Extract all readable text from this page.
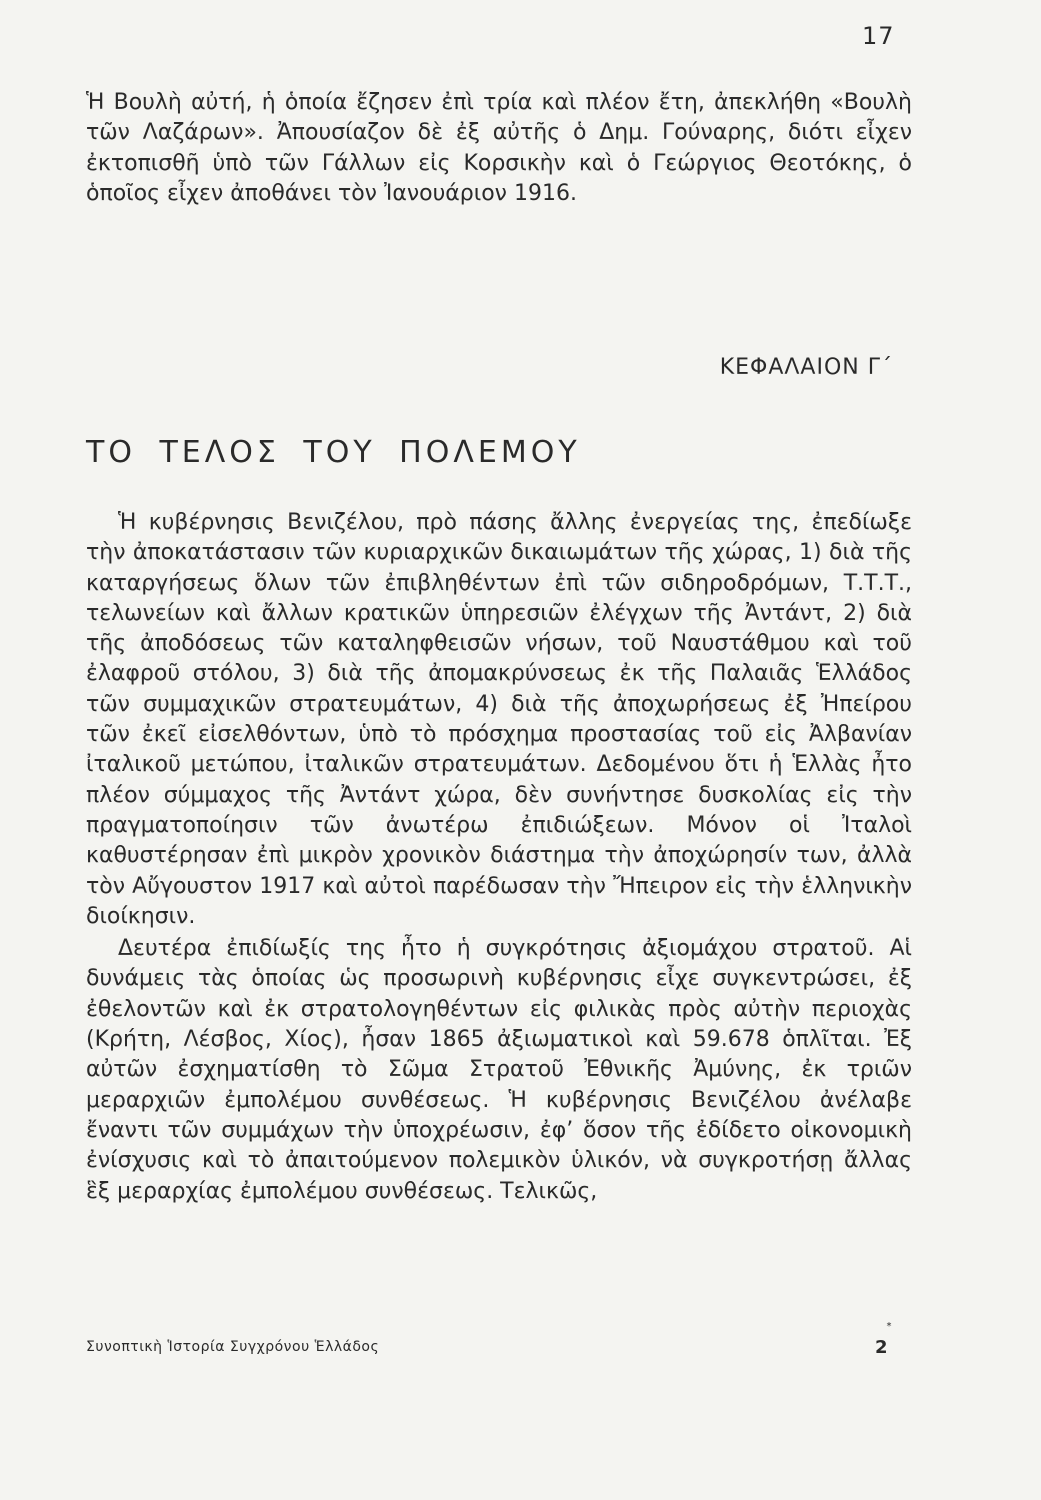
17

Ἡ Βουλὴ αὐτή, ἡ ὁποία ἔζησεν ἐπὶ τρία καὶ πλέον ἔτη, ἀπεκλήθη «Βουλὴ τῶν Λαζάρων». Ἀπουσίαζον δὲ ἐξ αὐτῆς ὁ Δημ. Γούναρης, διότι εἶχεν ἐκτοπισθῆ ὑπὸ τῶν Γάλλων εἰς Κορσικὴν καὶ ὁ Γεώργιος Θεοτόκης, ὁ ὁποῖος εἶχεν ἀποθάνει τὸν Ἰανουάριον 1916.

ΚΕΦΑΛΑΙΟΝ Γ΄
ΤΟ ΤΕΛΟΣ ΤΟΥ ΠΟΛΕΜΟΥ

Ἡ κυβέρνησις Βενιζέλου, πρὸ πάσης ἄλλης ἐνεργείας της, ἐπεδίωξε τὴν ἀποκατάστασιν τῶν κυριαρχικῶν δικαιωμάτων τῆς χώρας, 1) διὰ τῆς καταργήσεως ὅλων τῶν ἐπιβληθέντων ἐπὶ τῶν σιδηροδρόμων, Τ.Τ.Τ., τελωνείων καὶ ἄλλων κρατικῶν ὑπηρεσιῶν ἐλέγχων τῆς Ἀντάντ, 2) διὰ τῆς ἀποδόσεως τῶν καταληφθεισῶν νήσων, τοῦ Ναυστάθμου καὶ τοῦ ἐλαφροῦ στόλου, 3) διὰ τῆς ἀπομακρύνσεως ἐκ τῆς Παλαιᾶς Ἑλλάδος τῶν συμμαχικῶν στρατευμάτων, 4) διὰ τῆς ἀποχωρήσεως ἐξ Ἠπείρου τῶν ἐκεῖ εἰσελθόντων, ὑπὸ τὸ πρόσχημα προστασίας τοῦ εἰς Ἀλβανίαν ἰταλικοῦ μετώπου, ἰταλικῶν στρατευμάτων. Δεδομένου ὅτι ἡ Ἑλλὰς ἦτο πλέον σύμμαχος τῆς Ἀντάντ χώρα, δὲν συνήντησε δυσκολίας εἰς τὴν πραγματοποίησιν τῶν ἀνωτέρω ἐπιδιώξεων. Μόνον οἱ Ἰταλοὶ καθυστέρησαν ἐπὶ μικρὸν χρονικὸν διάστημα τὴν ἀποχώρησίν των, ἀλλὰ τὸν Αὔγουστον 1917 καὶ αὐτοὶ παρέδωσαν τὴν Ἤπειρον εἰς τὴν ἑλληνικὴν διοίκησιν.

Δευτέρα ἐπιδίωξίς της ἦτο ἡ συγκρότησις ἀξιομάχου στρατοῦ. Αἱ δυνάμεις τὰς ὁποίας ὡς προσωρινὴ κυβέρνησις εἶχε συγκεντρώσει, ἐξ ἐθελοντῶν καὶ ἐκ στρατολογηθέντων εἰς φιλικὰς πρὸς αὐτὴν περιοχὰς (Κρήτη, Λέσβος, Χίος), ἦσαν 1865 ἀξιωματικοὶ καὶ 59.678 ὁπλῖται. Ἐξ αὐτῶν ἐσχηματίσθη τὸ Σῶμα Στρατοῦ Ἐθνικῆς Ἀμύνης, ἐκ τριῶν μεραρχιῶν ἐμπολέμου συνθέσεως. Ἡ κυβέρνησις Βενιζέλου ἀνέλαβε ἔναντι τῶν συμμάχων τὴν ὑποχρέωσιν, ἐφ’ ὅσον τῆς ἐδίδετο οἰκονομικὴ ἐνίσχυσις καὶ τὸ ἀπαιτούμενον πολεμικὸν ὑλικόν, νὰ συγκροτήσῃ ἄλλας ἓξ μεραρχίας ἐμπολέμου συνθέσεως. Τελικῶς,

Συνοπτικὴ Ἱστορία Συγχρόνου Ἑλλάδος
*
2
